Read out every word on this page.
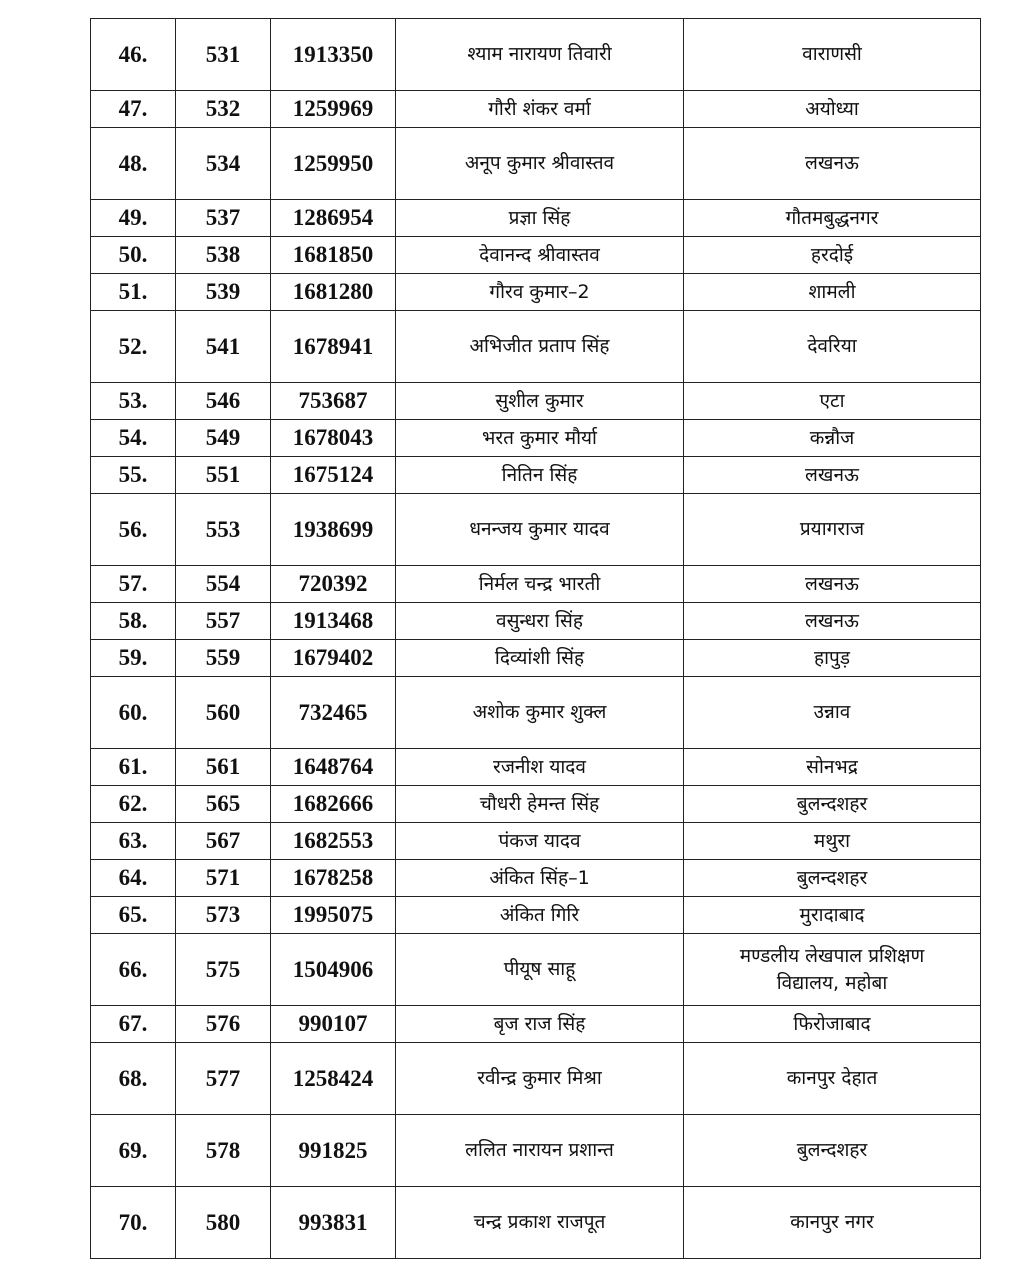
46.	531	1913350	श्याम नारायण तिवारी	वाराणसी

47.	532	1259969	गौरी शंकर वर्मा	अयोध्या

48.	534	1259950	अनूप कुमार श्रीवास्तव	लखनऊ

49.	537	1286954	प्रज्ञा सिंह	गौतमबुद्धनगर

50.	538	1681850	देवानन्द श्रीवास्तव	हरदोई

51.	539	1681280	गौरव कुमार–2	शामली

52.	541	1678941	अभिजीत प्रताप सिंह	देवरिया

53.	546	753687	सुशील कुमार	एटा

54.	549	1678043	भरत कुमार मौर्या	कन्नौज

55.	551	1675124	नितिन सिंह	लखनऊ

56.	553	1938699	धनन्जय कुमार यादव	प्रयागराज

57.	554	720392	निर्मल चन्द्र भारती	लखनऊ

58.	557	1913468	वसुन्धरा सिंह	लखनऊ

59.	559	1679402	दिव्यांशी सिंह	हापुड़

60.	560	732465	अशोक कुमार शुक्ल	उन्नाव

61.	561	1648764	रजनीश यादव	सोनभद्र

62.	565	1682666	चौधरी हेमन्त सिंह	बुलन्दशहर

63.	567	1682553	पंकज यादव	मथुरा

64.	571	1678258	अंकित सिंह–1	बुलन्दशहर

65.	573	1995075	अंकित गिरि	मुरादाबाद

66.	575	1504906	पीयूष साहू	मण्डलीय लेखपाल प्रशिक्षण
विद्यालय, महोबा

67.	576	990107	बृज राज सिंह	फिरोजाबाद

68.	577	1258424	रवीन्द्र कुमार मिश्रा	कानपुर देहात

69.	578	991825	ललित नारायन प्रशान्त	बुलन्दशहर

70.	580	993831	चन्द्र प्रकाश राजपूत	कानपुर नगर
